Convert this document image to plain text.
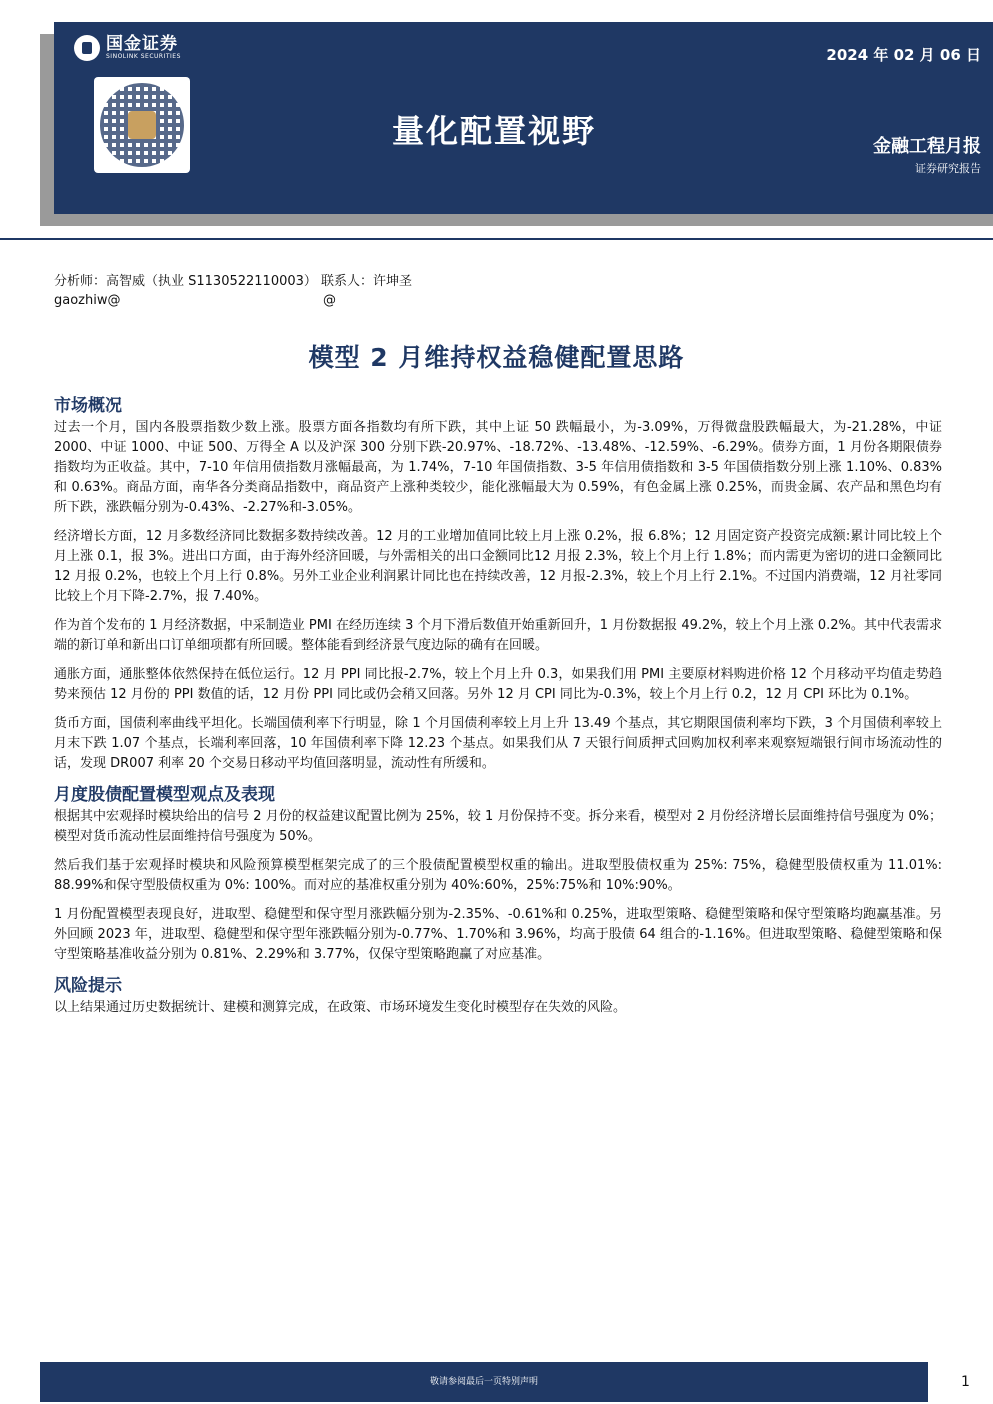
国金证券
SINOLINK SECURITIES
量化配置视野
2024 年 02 月 06 日
金融工程月报
证券研究报告
分析师：高智威（执业 S1130522110003） 联系人：许坤圣
gaozhiw@                                                 @
模型 2 月维持权益稳健配置思路
市场概况

过去一个月，国内各股票指数少数上涨。股票方面各指数均有所下跌，其中上证 50 跌幅最小，为-3.09%，万得微盘股跌幅最大，为-21.28%，中证 2000、中证 1000、中证 500、万得全 A 以及沪深 300 分别下跌-20.97%、-18.72%、-13.48%、-12.59%、-6.29%。债券方面，1 月份各期限债券指数均为正收益。其中，7-10 年信用债指数月涨幅最高，为 1.74%，7-10 年国债指数、3-5 年信用债指数和 3-5 年国债指数分别上涨 1.10%、0.83%和 0.63%。商品方面，南华各分类商品指数中，商品资产上涨种类较少，能化涨幅最大为 0.59%，有色金属上涨 0.25%，而贵金属、农产品和黑色均有所下跌，涨跌幅分别为-0.43%、-2.27%和-3.05%。

经济增长方面，12 月多数经济同比数据多数持续改善。12 月的工业增加值同比较上月上涨 0.2%，报 6.8%；12 月固定资产投资完成额:累计同比较上个月上涨 0.1，报 3%。进出口方面，由于海外经济回暖，与外需相关的出口金额同比12 月报 2.3%，较上个月上行 1.8%；而内需更为密切的进口金额同比12 月报 0.2%，也较上个月上行 0.8%。另外工业企业利润累计同比也在持续改善，12 月报-2.3%，较上个月上行 2.1%。不过国内消费端，12 月社零同比较上个月下降-2.7%，报 7.40%。

作为首个发布的 1 月经济数据，中采制造业 PMI 在经历连续 3 个月下滑后数值开始重新回升，1 月份数据报 49.2%，较上个月上涨 0.2%。其中代表需求端的新订单和新出口订单细项都有所回暖。整体能看到经济景气度边际的确有在回暖。

通胀方面，通胀整体依然保持在低位运行。12 月 PPI 同比报-2.7%，较上个月上升 0.3，如果我们用 PMI 主要原材料购进价格 12 个月移动平均值走势趋势来预估 12 月份的 PPI 数值的话，12 月份 PPI 同比或仍会稍又回落。另外 12 月 CPI 同比为-0.3%，较上个月上行 0.2，12 月 CPI 环比为 0.1%。

货币方面，国债利率曲线平坦化。长端国债利率下行明显，除 1 个月国债利率较上月上升 13.49 个基点，其它期限国债利率均下跌，3 个月国债利率较上月末下跌 1.07 个基点，长端利率回落，10 年国债利率下降 12.23 个基点。如果我们从 7 天银行间质押式回购加权利率来观察短端银行间市场流动性的话，发现 DR007 利率 20 个交易日移动平均值回落明显，流动性有所缓和。

月度股债配置模型观点及表现

根据其中宏观择时模块给出的信号 2 月份的权益建议配置比例为 25%，较 1 月份保持不变。拆分来看，模型对 2 月份经济增长层面维持信号强度为 0%；模型对货币流动性层面维持信号强度为 50%。

然后我们基于宏观择时模块和风险预算模型框架完成了的三个股债配置模型权重的输出。进取型股债权重为 25%: 75%，稳健型股债权重为 11.01%: 88.99%和保守型股债权重为 0%: 100%。而对应的基准权重分别为 40%:60%，25%:75%和 10%:90%。

1 月份配置模型表现良好，进取型、稳健型和保守型月涨跌幅分别为-2.35%、-0.61%和 0.25%，进取型策略、稳健型策略和保守型策略均跑赢基准。另外回顾 2023 年，进取型、稳健型和保守型年涨跌幅分别为-0.77%、1.70%和 3.96%，均高于股债 64 组合的-1.16%。但进取型策略、稳健型策略和保守型策略基准收益分别为 0.81%、2.29%和 3.77%，仅保守型策略跑赢了对应基准。

风险提示

以上结果通过历史数据统计、建模和测算完成，在政策、市场环境发生变化时模型存在失效的风险。

敬请参阅最后一页特别声明	1
